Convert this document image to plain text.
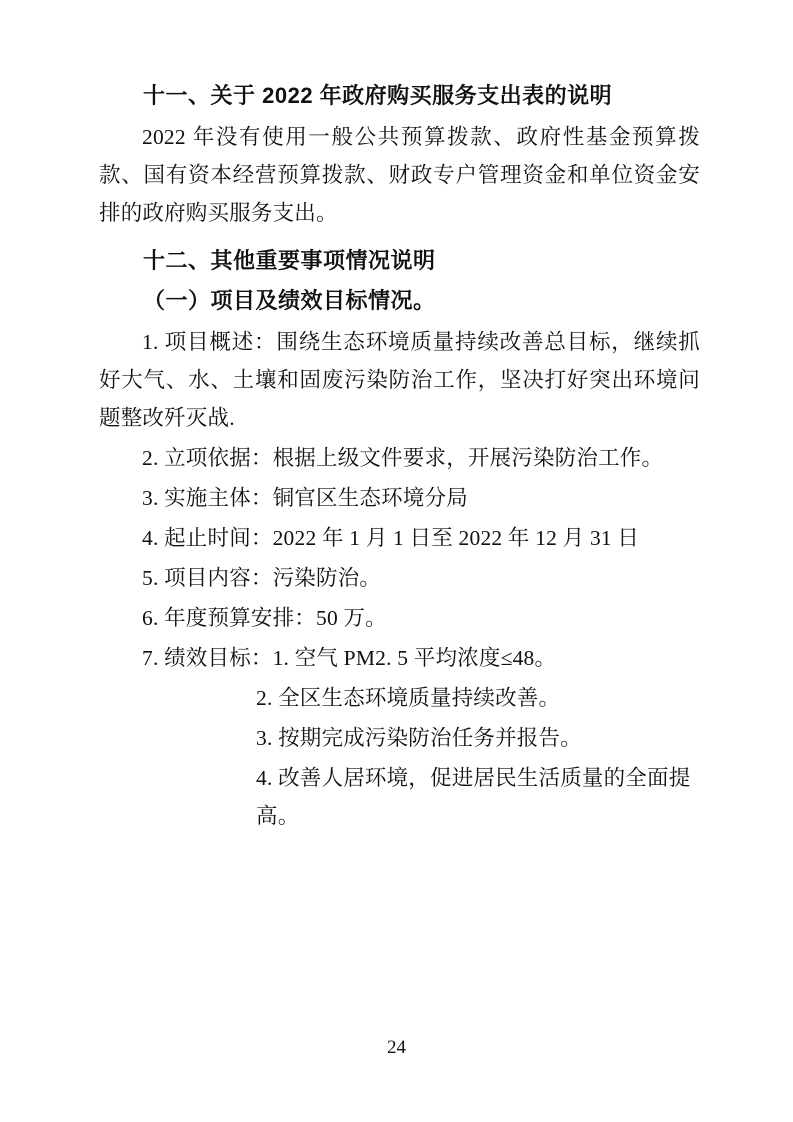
十一、关于 2022 年政府购买服务支出表的说明
2022 年没有使用一般公共预算拨款、政府性基金预算拨款、国有资本经营预算拨款、财政专户管理资金和单位资金安排的政府购买服务支出。
十二、其他重要事项情况说明
（一）项目及绩效目标情况。
1. 项目概述：围绕生态环境质量持续改善总目标，继续抓好大气、水、土壤和固废污染防治工作，坚决打好突出环境问题整改歼灭战.
2. 立项依据：根据上级文件要求，开展污染防治工作。
3. 实施主体：铜官区生态环境分局
4. 起止时间：2022 年 1 月 1 日至 2022 年 12 月 31 日
5. 项目内容：污染防治。
6. 年度预算安排：50 万。
7. 绩效目标：1. 空气 PM2. 5 平均浓度≤48。
2. 全区生态环境质量持续改善。
3. 按期完成污染防治任务并报告。
4. 改善人居环境，促进居民生活质量的全面提高。
24
